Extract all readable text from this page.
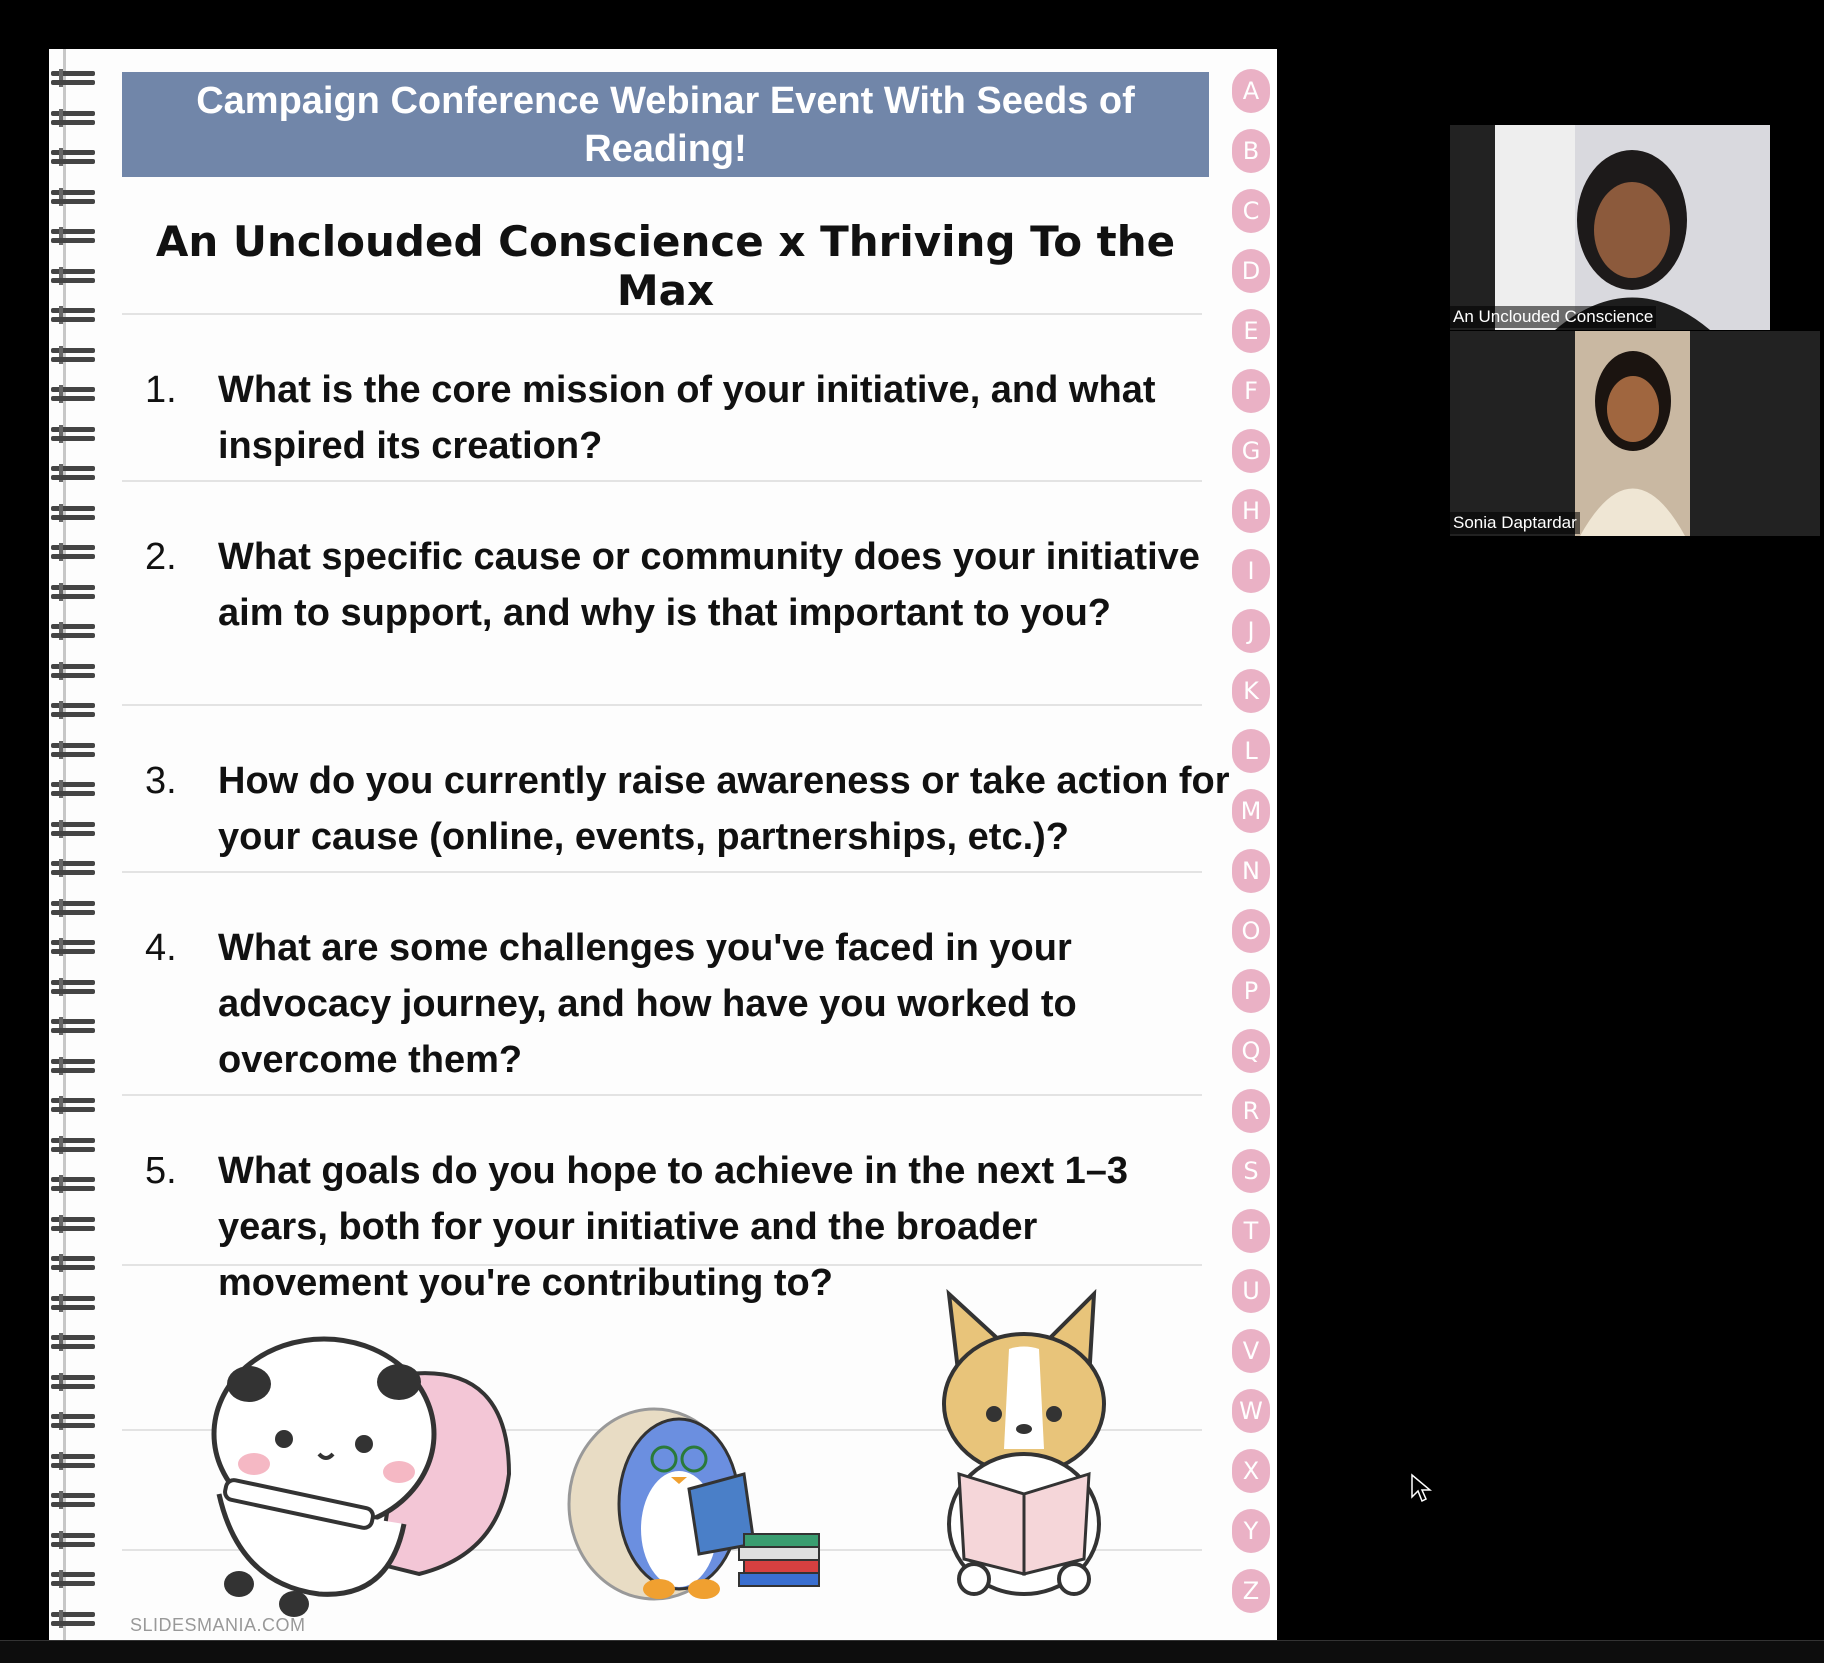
Campaign Conference Webinar Event With Seeds of Reading!
An Unclouded Conscience x Thriving To the Max
1.	What is the core mission of your initiative, and what inspired its creation?
2.	What specific cause or community does your initiative aim to support, and why is that important to you?
3.	How do you currently raise awareness or take action for your cause (online, events, partnerships, etc.)?
4.	What are some challenges you've faced in your advocacy journey, and how have you worked to overcome them?
5.	What goals do you hope to achieve in the next 1–3 years, both for your initiative and the broader movement you're contributing to?
A
B
C
D
E
F
G
H
I
J
K
L
M
N
O
P
Q
R
S
T
U
V
W
X
Y
Z
SLIDESMANIA.COM
An Unclouded Conscience
Sonia Daptardar
